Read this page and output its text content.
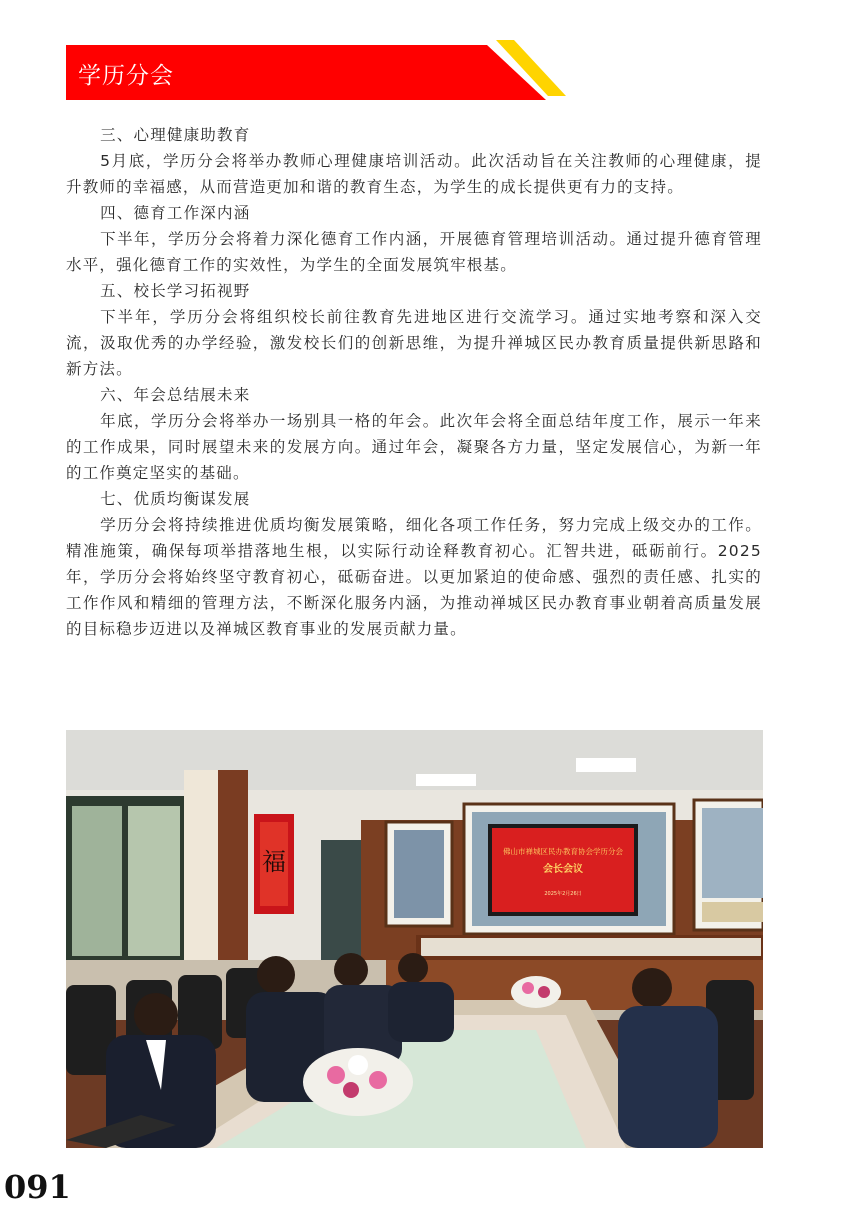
学历分会
三、心理健康助教育

5月底，学历分会将举办教师心理健康培训活动。此次活动旨在关注教师的心理健康，提升教师的幸福感，从而营造更加和谐的教育生态，为学生的成长提供更有力的支持。

四、德育工作深内涵

下半年，学历分会将着力深化德育工作内涵，开展德育管理培训活动。通过提升德育管理水平，强化德育工作的实效性，为学生的全面发展筑牢根基。

五、校长学习拓视野

下半年，学历分会将组织校长前往教育先进地区进行交流学习。通过实地考察和深入交流，汲取优秀的办学经验，激发校长们的创新思维，为提升禅城区民办教育质量提供新思路和新方法。

六、年会总结展未来

年底，学历分会将举办一场别具一格的年会。此次年会将全面总结年度工作，展示一年来的工作成果，同时展望未来的发展方向。通过年会，凝聚各方力量，坚定发展信心，为新一年的工作奠定坚实的基础。

七、优质均衡谋发展

学历分会将持续推进优质均衡发展策略，细化各项工作任务，努力完成上级交办的工作。精准施策，确保每项举措落地生根，以实际行动诠释教育初心。汇智共进，砥砺前行。2025年，学历分会将始终坚守教育初心，砥砺奋进。以更加紧迫的使命感、强烈的责任感、扎实的工作作风和精细的管理方法，不断深化服务内涵，为推动禅城区民办教育事业朝着高质量发展的目标稳步迈进以及禅城区教育事业的发展贡献力量。

福	佛山市禅城区民办教育协会学历分会
会长会议
2025年2月26日
091
